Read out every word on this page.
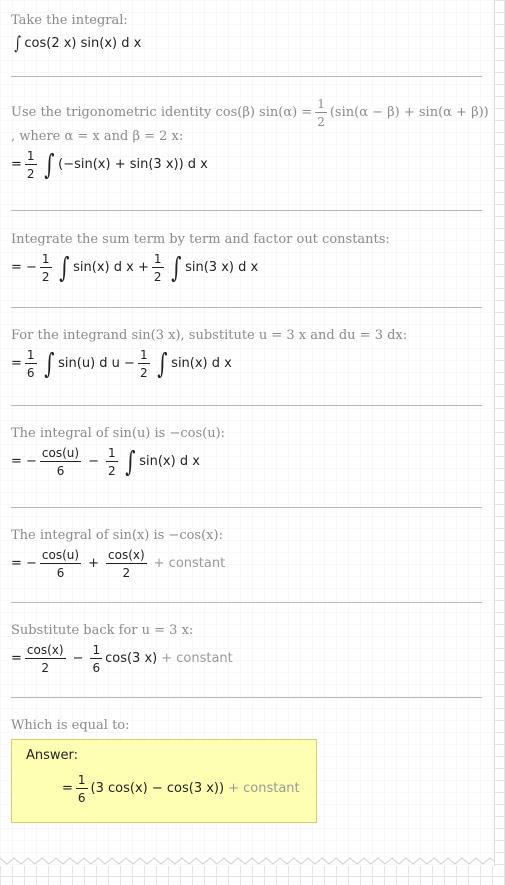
Take the integral:
∫ cos(2 x) sin(x) d x
Use the trigonometric identity cos(β) $\sin(\alpha) = \frac{1}{2} (\sin(\alpha - \beta) + \sin(\alpha + \beta))$
, where α = x and β = 2 x:
= $\frac{1}{2}$ ∫ (−sin(x) + sin(3 x)) d x
Integrate the sum term by term and factor out constants:
= − $\frac{1}{2}$ ∫ sin(x) d $x + \frac{1}{2}$ ∫ sin(3 x) d x
For the integrand sin(3 x), substitute u = 3 x and du = 3 dx:
= $\frac{1}{6}$ ∫ sin(u) d $u - \frac{1}{2}$ ∫ sin(x) d x
The integral of sin(u) is −cos(u):
= − $\frac{\cos(u)}{6} - \frac{1}{2}$ ∫ sin(x) d x
The integral of sin(x) is −cos(x):
= − $\frac{\cos(u)}{6} + \frac{\cos(x)}{2}$ + constant
Substitute back for u = 3 x:
= $\frac{\cos(x)}{2} - \frac{1}{6} \cos(3$ x) + constant
Which is equal to:
Answer:
= $\frac{1}{6} (3$ cos(x) − cos(3 x)) + constant
